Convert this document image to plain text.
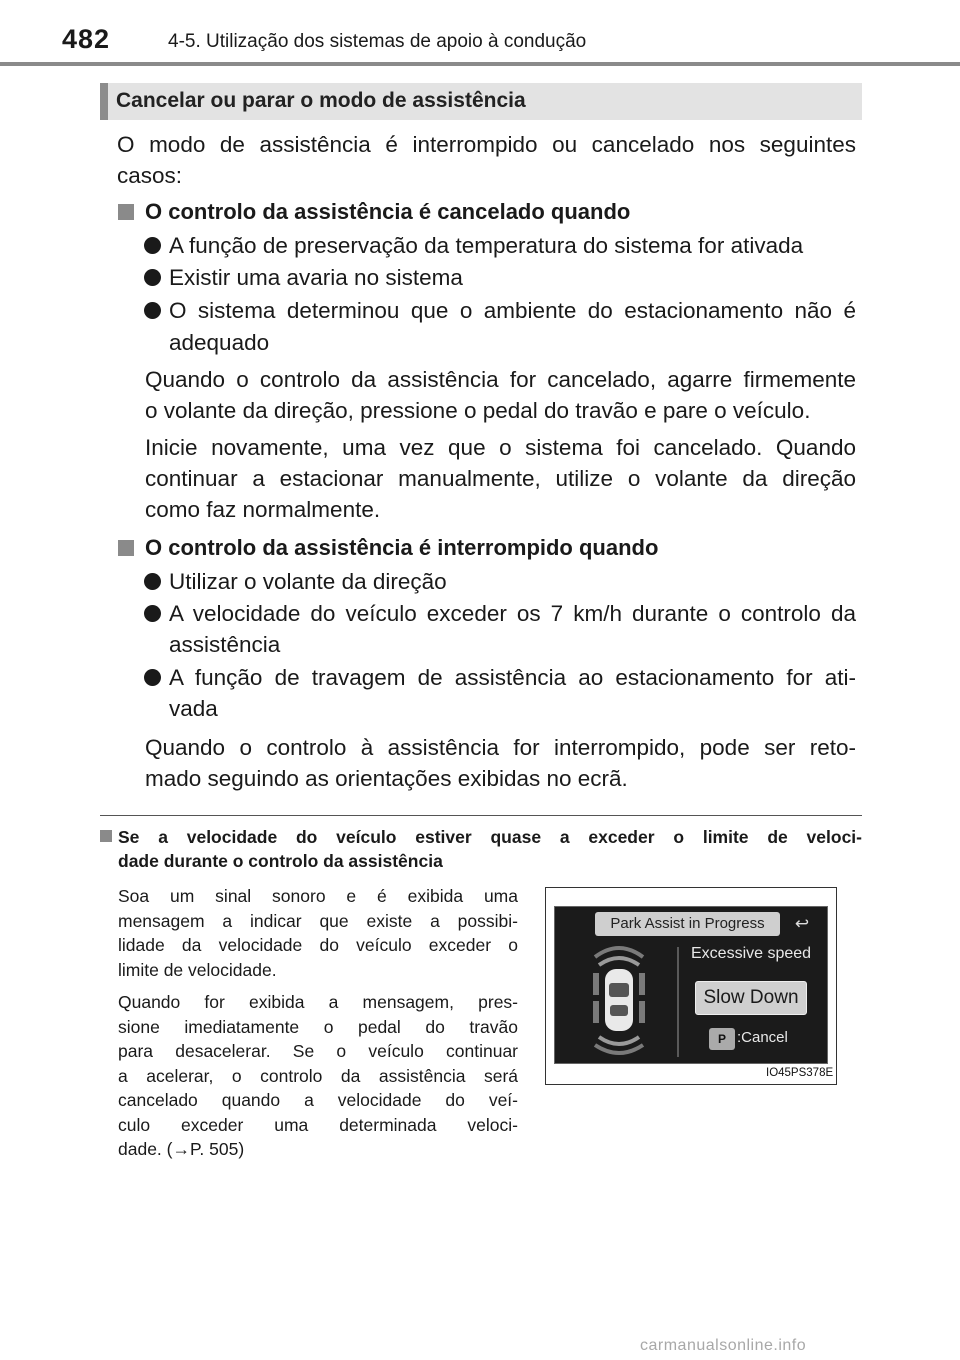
482	4-5. Utilização dos sistemas de apoio à condução
Cancelar ou parar o modo de assistência
O modo de assistência é interrompido ou cancelado nos seguintes
casos:
O controlo da assistência é cancelado quando
A função de preservação da temperatura do sistema for ativada
Existir uma avaria no sistema
O sistema determinou que o ambiente do estacionamento não é
adequado
Quando o controlo da assistência for cancelado, agarre firmemente
o volante da direção, pressione o pedal do travão e pare o veículo.
Inicie novamente, uma vez que o sistema foi cancelado. Quando
continuar a estacionar manualmente, utilize o volante da direção
como faz normalmente.
O controlo da assistência é interrompido quando
Utilizar o volante da direção
A velocidade do veículo exceder os 7 km/h durante o controlo da
assistência
A função de travagem de assistência ao estacionamento for ati-
vada
Quando o controlo à assistência for interrompido, pode ser reto-
mado seguindo as orientações exibidas no ecrã.
Se a velocidade do veículo estiver quase a exceder o limite de veloci-
dade durante o controlo da assistência
Soa um sinal sonoro e é exibida uma
mensagem a indicar que existe a possibi-
lidade da velocidade do veículo exceder o
limite de velocidade.
Quando for exibida a mensagem, pres-
sione imediatamente o pedal do travão
para desacelerar. Se o veículo continuar
a acelerar, o controlo da assistência será
cancelado quando a velocidade do veí-
culo exceder uma determinada veloci-
dade. (→P. 505)
Park Assist in Progress	↩
Excessive speed
Slow Down
P :Cancel
IO45PS378E
carmanualsonline.info
